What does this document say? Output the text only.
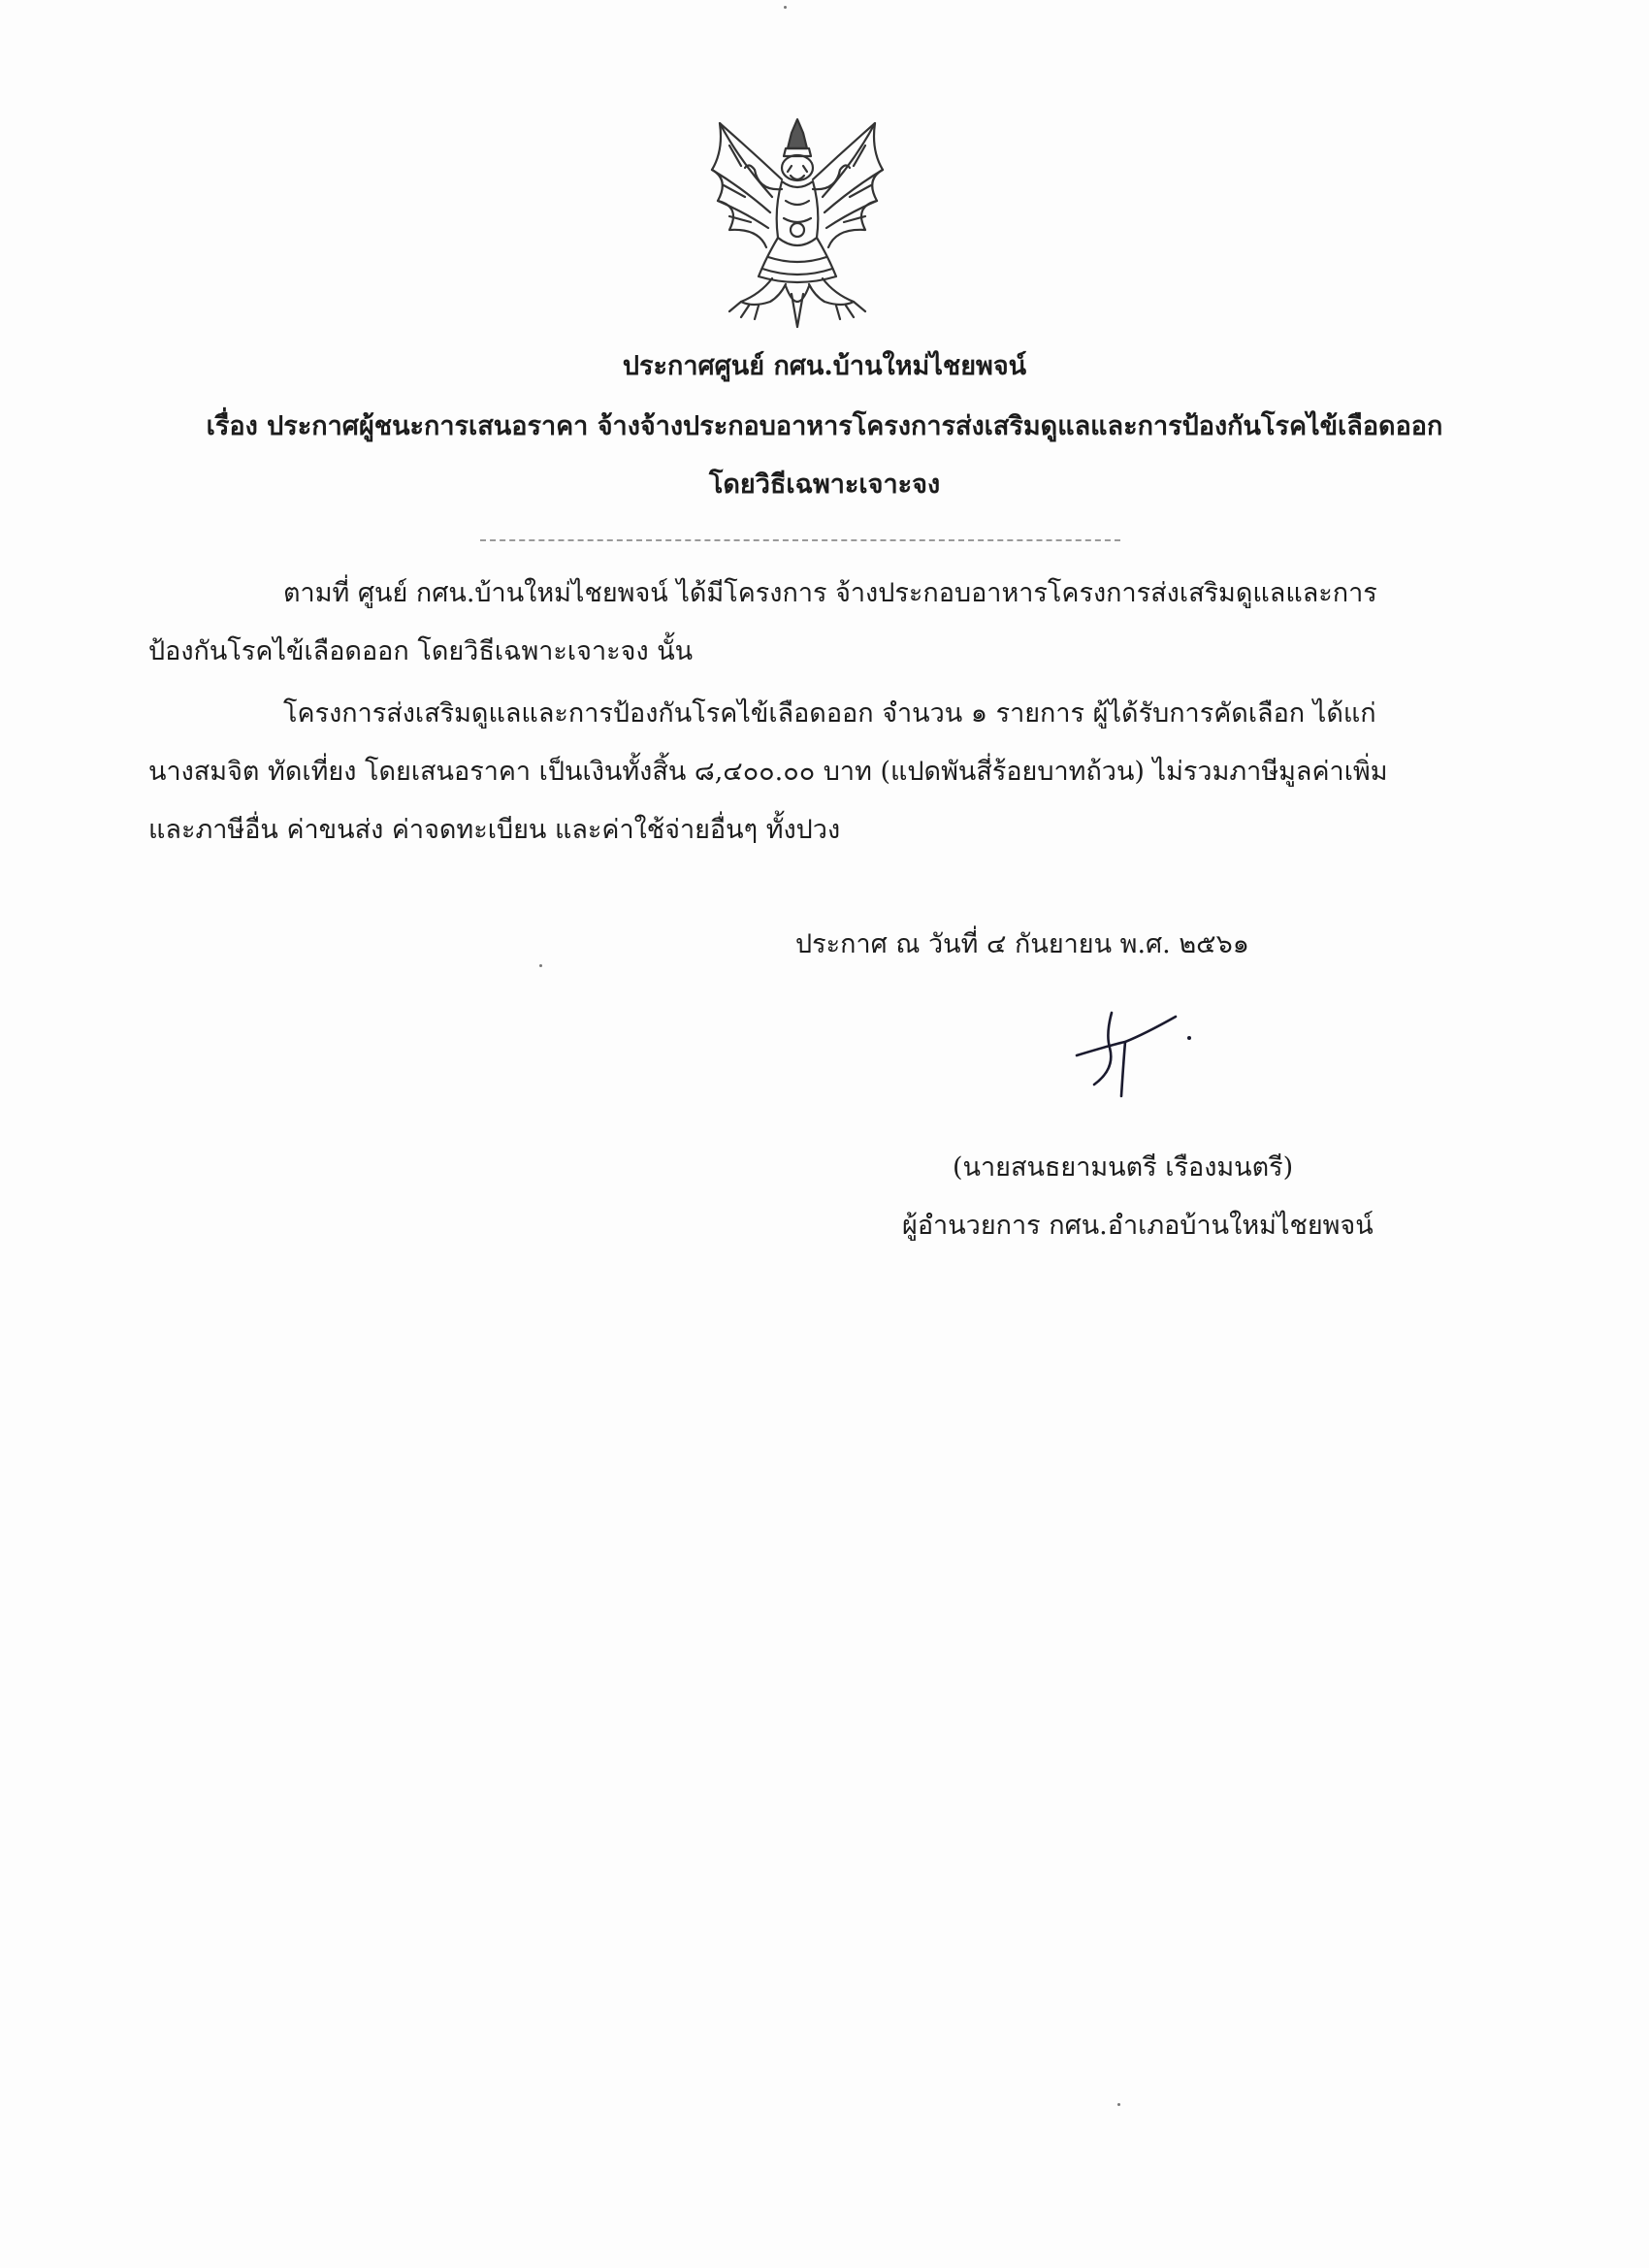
ประกาศศูนย์ กศน.บ้านใหม่ไชยพจน์
เรื่อง ประกาศผู้ชนะการเสนอราคา จ้างจ้างประกอบอาหารโครงการส่งเสริมดูแลและการป้องกันโรคไข้เลือดออก
โดยวิธีเฉพาะเจาะจง
ตามที่ ศูนย์ กศน.บ้านใหม่ไชยพจน์ ได้มีโครงการ จ้างประกอบอาหารโครงการส่งเสริมดูแลและการ
ป้องกันโรคไข้เลือดออก โดยวิธีเฉพาะเจาะจง นั้น
โครงการส่งเสริมดูแลและการป้องกันโรคไข้เลือดออก จำนวน ๑ รายการ ผู้ได้รับการคัดเลือก ได้แก่
นางสมจิต ทัดเที่ยง โดยเสนอราคา เป็นเงินทั้งสิ้น ๘,๔๐๐.๐๐ บาท (แปดพันสี่ร้อยบาทถ้วน) ไม่รวมภาษีมูลค่าเพิ่ม
และภาษีอื่น ค่าขนส่ง ค่าจดทะเบียน และค่าใช้จ่ายอื่นๆ ทั้งปวง
ประกาศ ณ วันที่ ๔ กันยายน พ.ศ. ๒๕๖๑
(นายสนธยามนตรี เรืองมนตรี)
ผู้อำนวยการ กศน.อำเภอบ้านใหม่ไชยพจน์
